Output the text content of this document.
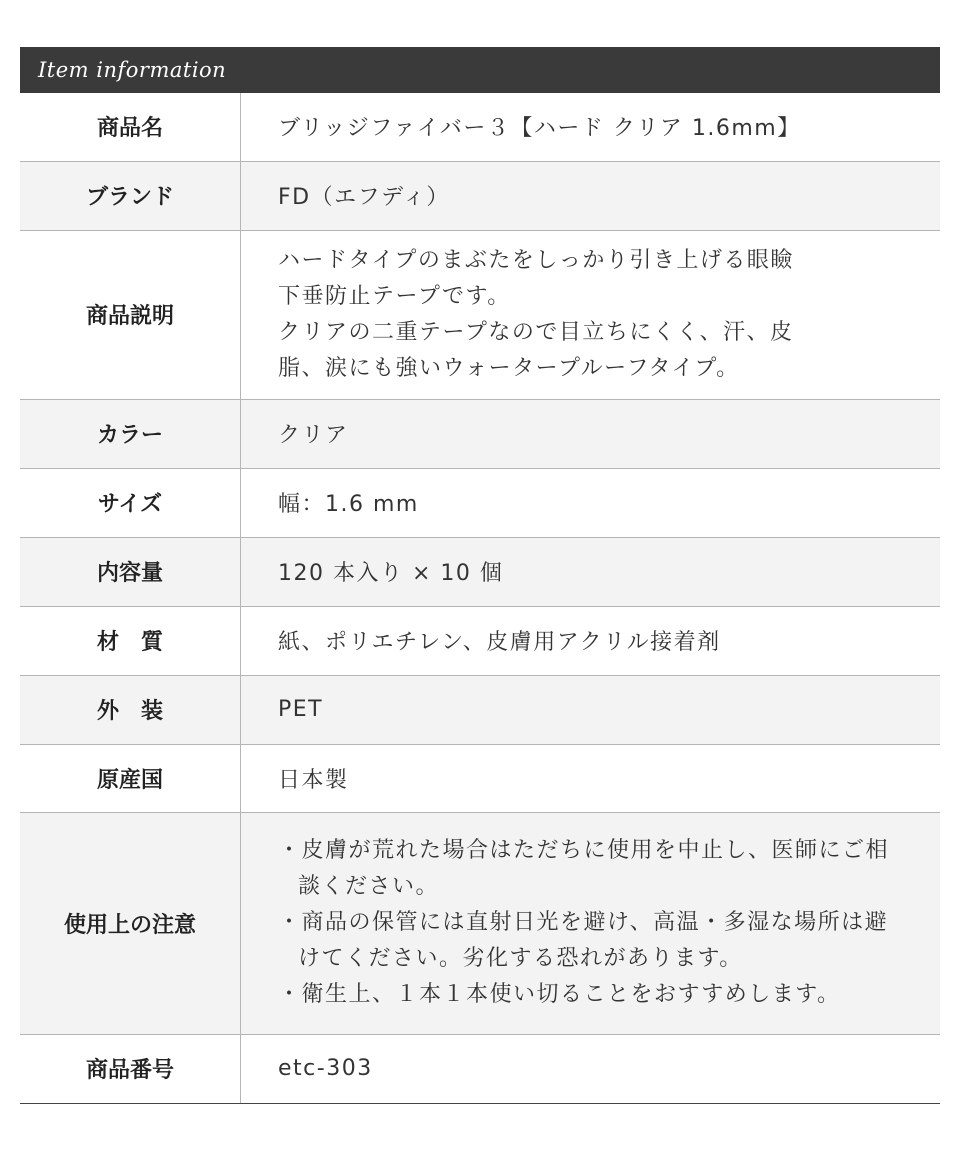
Item information
商品名	ブリッジファイバー３【ハード クリア 1.6mm】
ブランド	FD（エフディ）
商品説明	ハードタイプのまぶたをしっかり引き上げる眼瞼
下垂防止テープです。
クリアの二重テープなので目立ちにくく、汗、皮
脂、涙にも強いウォータープルーフタイプ。

カラー	クリア
サイズ	幅：1.6 mm
内容量	120 本入り × 10 個
材　質	紙、ポリエチレン、皮膚用アクリル接着剤
外　装	PET
原産国	日本製
使用上の注意	・皮膚が荒れた場合はただちに使用を中止し、医師にご相談ください。
・商品の保管には直射日光を避け、高温・多湿な場所は避けてください。劣化する恐れがあります。
・衛生上、１本１本使い切ることをおすすめします。

商品番号	etc-303
